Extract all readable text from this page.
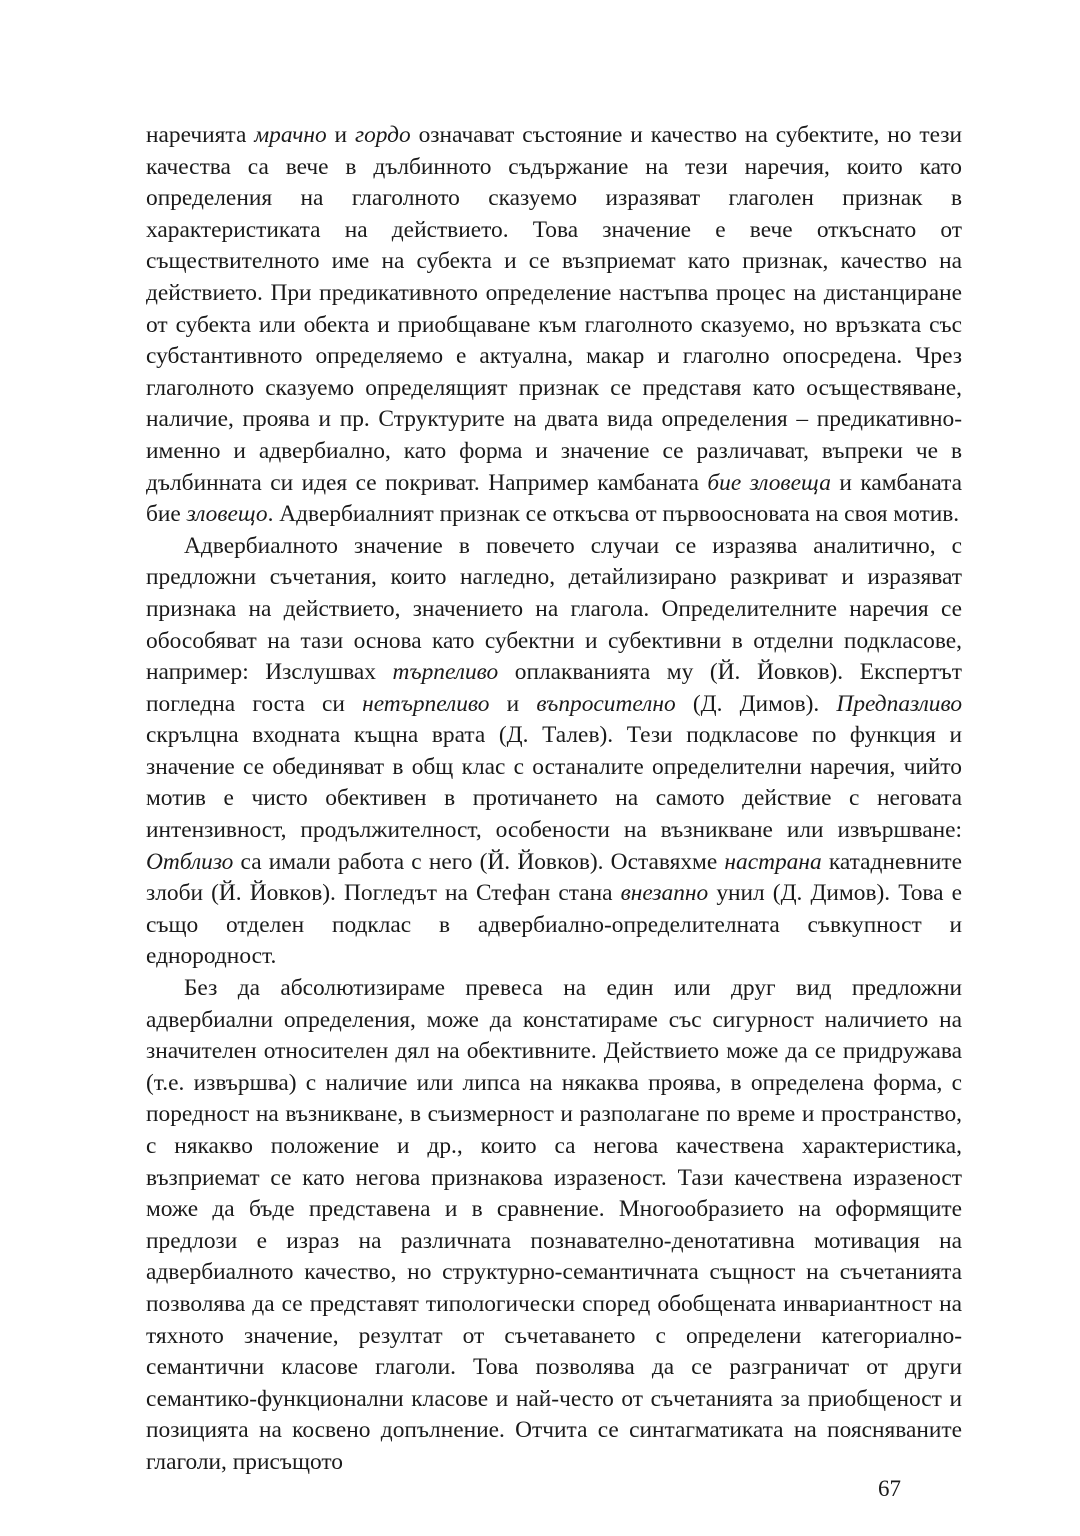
наречията мрачно и гордо означават състояние и качество на субектите, но тези качества са вече в дълбинното съдържание на тези наречия, които като определения на глаголното сказуемо изразяват глаголен признак в характеристиката на действието. Това значение е вече откъснато от съществителното име на субекта и се възприемат като признак, качество на действието. При предикативното определение настъпва процес на дистанциране от субекта или обекта и приобщаване към глаголното сказуемо, но връзката със субстантивното определяемо е актуална, макар и глаголно опосредена. Чрез глаголното сказуемо определящият признак се представя като осъществяване, наличие, проява и пр. Структурите на двата вида определения – предикативно-именно и адвербиално, като форма и значение се различават, въпреки че в дълбинната си идея се покриват. Например камбаната бие зловеща и камбаната бие зловещо. Адвербиалният признак се откъсва от първоосновата на своя мотив.

Адвербиалното значение в повечето случаи се изразява аналитично, с предложни съчетания, които нагледно, детайлизирано разкриват и изразяват признака на действието, значението на глагола. Определителните наречия се обособяват на тази основа като субектни и субективни в отделни подкласове, например: Изслушвах търпеливо оплакванията му (Й. Йовков). Експертът погледна госта си нетърпеливо и въпросително (Д. Димов). Предпазливо скрълцна входната къщна врата (Д. Талев). Тези подкласове по функция и значение се обединяват в общ клас с останалите определителни наречия, чийто мотив е чисто обективен в протичането на самото действие с неговата интензивност, продължителност, особености на възникване или извършване: Отблизо са имали работа с него (Й. Йовков). Оставяхме настрана катадневните злоби (Й. Йовков). Погледът на Стефан стана внезапно унил (Д. Димов). Това е също отделен подклас в адвербиално-определителната съвкупност и еднородност.

Без да абсолютизираме превеса на един или друг вид предложни адвербиални определения, може да констатираме със сигурност наличието на значителен относителен дял на обективните. Действието може да се придружава (т.е. извършва) с наличие или липса на някаква проява, в определена форма, с поредност на възникване, в съизмерност и разполагане по време и пространство, с някакво положение и др., които са негова качествена характеристика, възприемат се като негова признакова изразеност. Тази качествена изразеност може да бъде представена и в сравнение. Многообразието на оформящите предлози е израз на различната познавателно-денотативна мотивация на адвербиалното качество, но структурно-семантичната същност на съчетанията позволява да се представят типологически според обобщената инвариантност на тяхното значение, резултат от съчетаването с определени категориално-семантични класове глаголи. Това позволява да се разграничат от други семантико-функционални класове и най-често от съчетанията за приобщеност и позицията на косвено допълнение. Отчита се синтагматиката на поясняваните глаголи, присъщото

67
